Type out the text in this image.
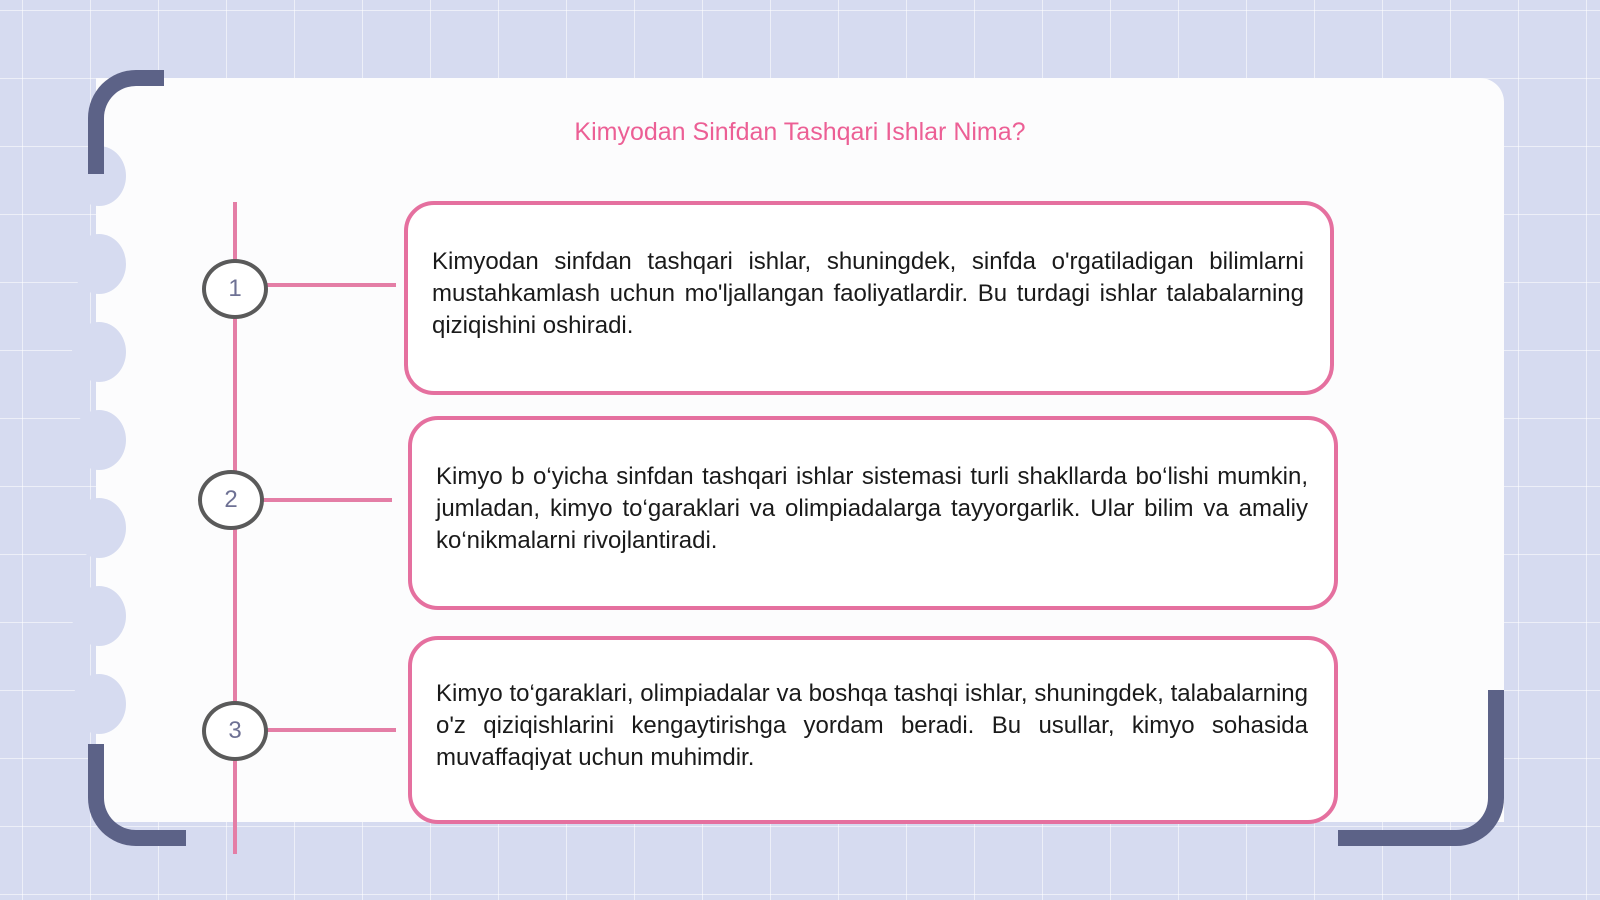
Kimyodan Sinfdan Tashqari Ishlar Nima?
1
2
3

Kimyodan sinfdan tashqari ishlar, shuningdek, sinfda o'rgatiladigan bilimlarni mustahkamlash uchun mo'ljallangan faoliyatlardir. Bu turdagi ishlar talabalarning qiziqishini oshiradi.

Kimyo b o‘yicha sinfdan tashqari ishlar sistemasi turli shakllarda bo‘lishi mumkin, jumladan, kimyo to‘garaklari va olimpiadalarga tayyorgarlik. Ular bilim va amaliy ko‘nikmalarni rivojlantiradi.

Kimyo to‘garaklari, olimpiadalar va boshqa tashqi ishlar, shuningdek, talabalarning o'z qiziqishlarini kengaytirishga yordam beradi. Bu usullar, kimyo sohasida muvaffaqiyat uchun muhimdir.
